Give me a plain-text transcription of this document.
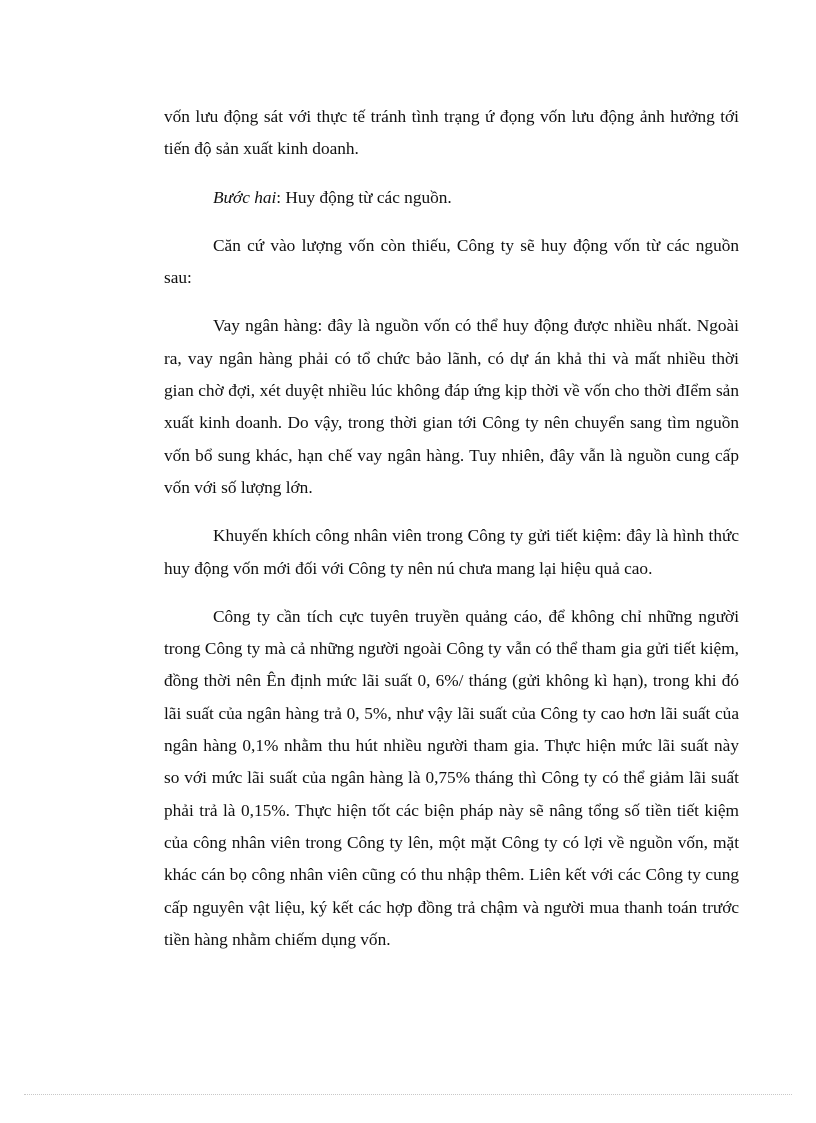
vốn lưu động sát với thực tế tránh tình trạng ứ đọng vốn lưu động ảnh hưởng tới tiến độ sản xuất kinh doanh.

Bước hai: Huy động từ các nguồn.

Căn cứ vào lượng vốn còn thiếu, Công ty sẽ huy động vốn từ các nguồn sau:

Vay ngân hàng: đây là nguồn vốn có thể huy động được nhiều nhất. Ngoài ra, vay ngân hàng phải có tổ chức bảo lãnh, có dự án khả thi và mất nhiều thời gian chờ đợi, xét duyệt nhiều lúc không đáp ứng kịp thời về vốn cho thời đIểm sản xuất kinh doanh. Do vậy, trong thời gian tới Công ty nên chuyển sang tìm nguồn vốn bổ sung khác, hạn chế vay ngân hàng. Tuy nhiên, đây vẫn là nguồn cung cấp vốn với số lượng lớn.

Khuyến khích công nhân viên trong Công ty gửi tiết kiệm: đây là hình thức huy động vốn mới đối với Công ty nên nú chưa mang lại hiệu quả cao.

Công ty cần tích cực tuyên truyền quảng cáo, để không chỉ những người trong Công ty mà cả những người ngoài Công ty vẫn có thể tham gia gửi tiết kiệm, đồng thời nên Ên định mức lãi suất 0, 6%/ tháng (gửi không kì hạn), trong khi đó lãi suất của ngân hàng trả 0, 5%, như vậy lãi suất của Công ty cao hơn lãi suất của ngân hàng 0,1% nhằm thu hút nhiều người tham gia. Thực hiện mức lãi suất này so với mức lãi suất của ngân hàng là 0,75% tháng thì Công ty có thể giảm lãi suất phải trả là 0,15%. Thực hiện tốt các biện pháp này sẽ nâng tổng số tiền tiết kiệm của công nhân viên trong Công ty lên, một mặt Công ty có lợi về nguồn vốn, mặt khác cán bọ công nhân viên cũng có thu nhập thêm. Liên kết với các Công ty cung cấp nguyên vật liệu, ký kết các hợp đồng trả chậm và người mua thanh toán trước tiền hàng nhằm chiếm dụng vốn.
